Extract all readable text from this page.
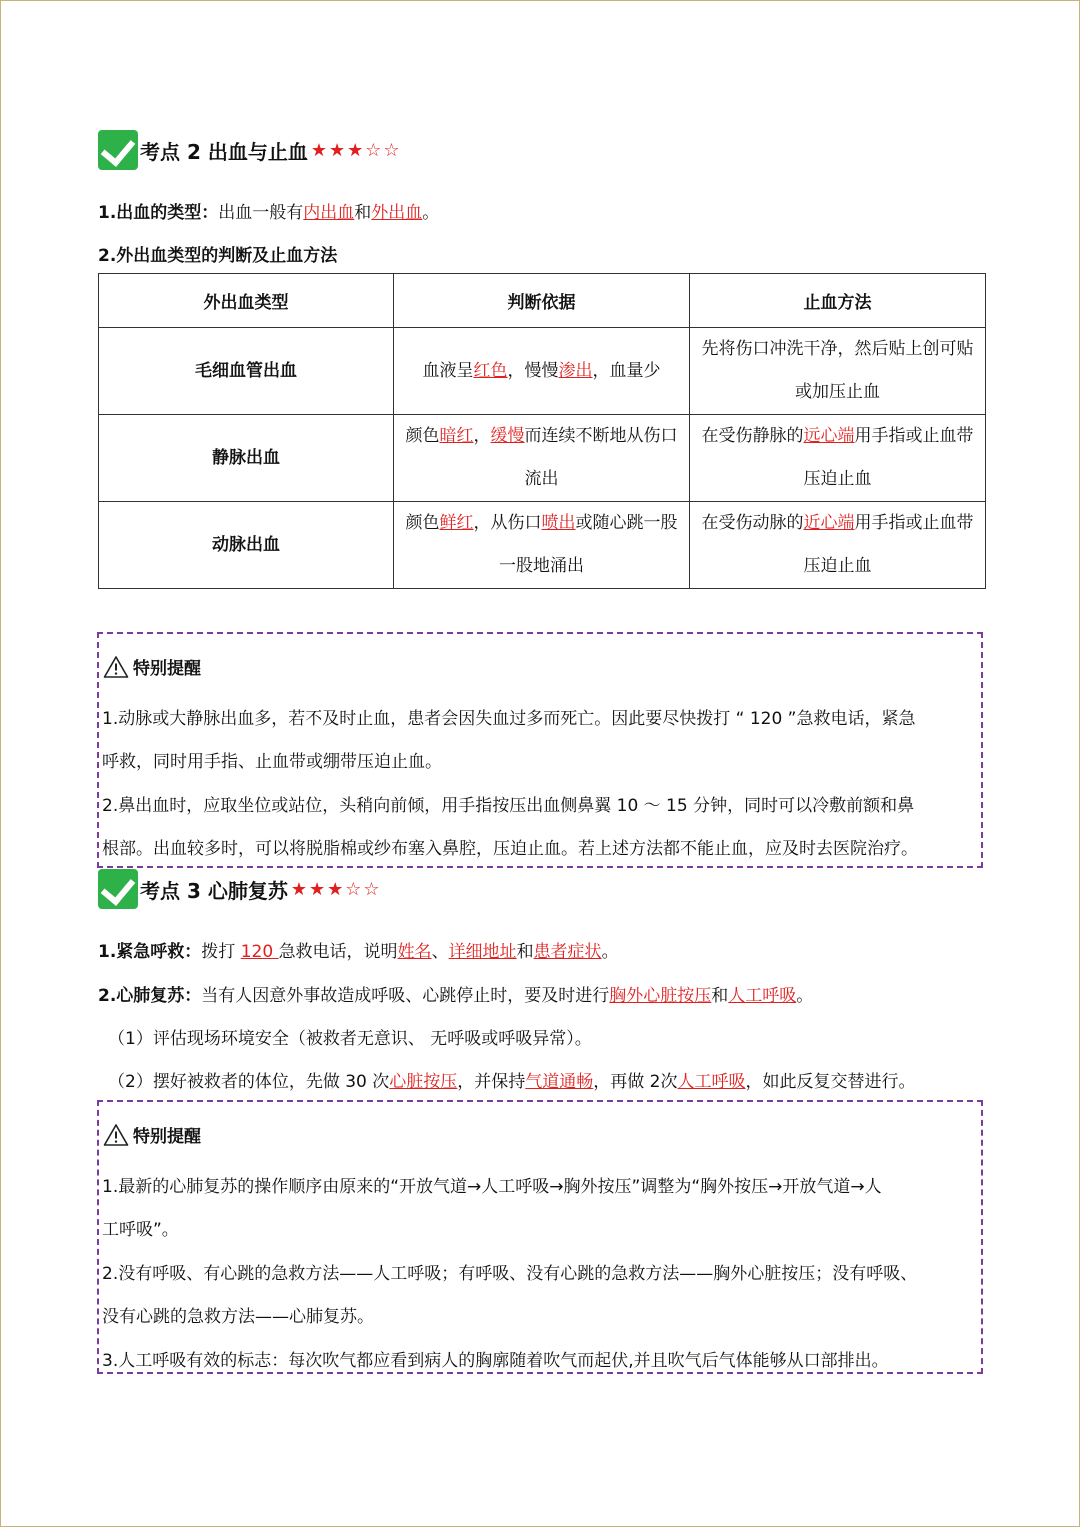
考点 2 出血与止血 ★★★☆☆
1.出血的类型：出血一般有内出血和外出血。
2.外出血类型的判断及止血方法
外出血类型	判断依据	止血方法
毛细血管出血	血液呈红色，慢慢渗出，血量少	先将伤口冲洗干净，然后贴上创可贴或加压止血
静脉出血	颜色暗红，缓慢而连续不断地从伤口流出	在受伤静脉的远心端用手指或止血带压迫止血
动脉出血	颜色鲜红，从伤口喷出或随心跳一股一股地涌出	在受伤动脉的近心端用手指或止血带压迫止血
特别提醒
1.动脉或大静脉出血多，若不及时止血，患者会因失血过多而死亡。因此要尽快拨打 “ 120 ”急救电话，紧急
呼救，同时用手指、止血带或绷带压迫止血。
2.鼻出血时，应取坐位或站位，头稍向前倾，用手指按压出血侧鼻翼 10 ～ 15 分钟，同时可以冷敷前额和鼻
根部。出血较多时，可以将脱脂棉或纱布塞入鼻腔，压迫止血。若上述方法都不能止血，应及时去医院治疗。
考点 3 心肺复苏 ★★★☆☆
1.紧急呼救：拨打 120 急救电话，说明姓名、详细地址和患者症状。
2.心肺复苏：当有人因意外事故造成呼吸、心跳停止时，要及时进行胸外心脏按压和人工呼吸。
（1）评估现场环境安全（被救者无意识、 无呼吸或呼吸异常）。
（2）摆好被救者的体位，先做 30 次心脏按压，并保持气道通畅，再做 2次人工呼吸，如此反复交替进行。
特别提醒
1.最新的心肺复苏的操作顺序由原来的“开放气道→人工呼吸→胸外按压”调整为“胸外按压→开放气道→人
工呼吸”。
2.没有呼吸、有心跳的急救方法——人工呼吸；有呼吸、没有心跳的急救方法——胸外心脏按压；没有呼吸、
没有心跳的急救方法——心肺复苏。
3.人工呼吸有效的标志：每次吹气都应看到病人的胸廓随着吹气而起伏,并且吹气后气体能够从口部排出。
